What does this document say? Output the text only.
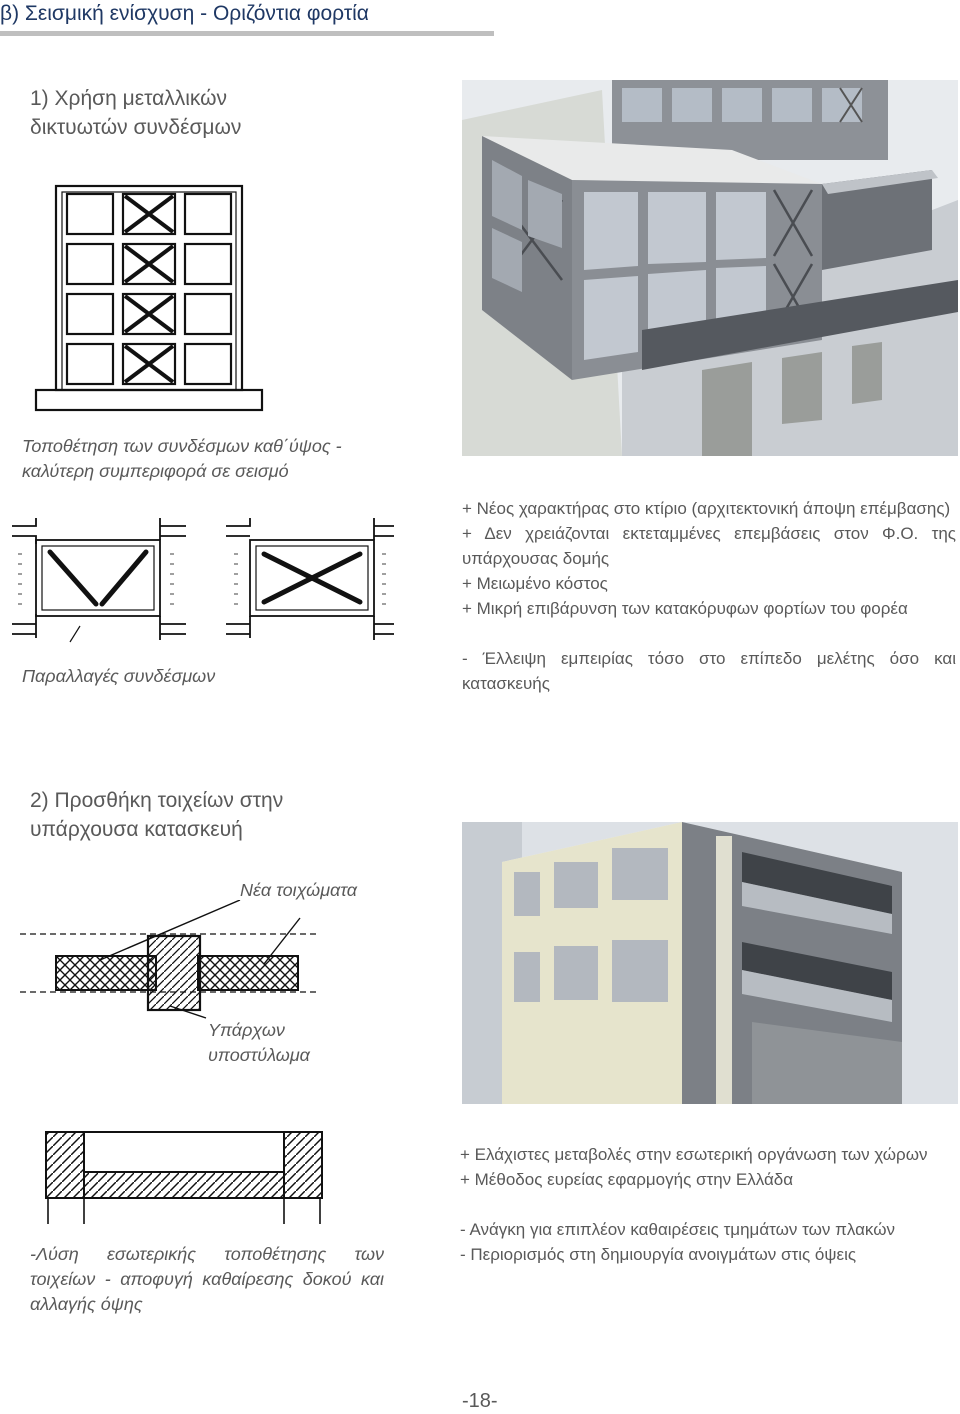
β) Σεισμική ενίσχυση - Οριζόντια φορτία
1) Χρήση μεταλλικών
δικτυωτών συνδέσμων
Τοποθέτηση των συνδέσμων καθ΄ύψος -
καλύτερη συμπεριφορά σε σεισμό
Παραλλαγές συνδέσμων

+ Νέος χαρακτήρας στο κτίριο (αρχιτεκτονική άποψη επέμβασης)

+ Δεν χρειάζονται εκτεταμμένες επεμβάσεις στον Φ.Ο. της υπάρχουσας δομής

+ Μειωμένο κόστος

+ Μικρή επιβάρυνση των κατακόρυφων φορτίων του φορέα

- Έλλειψη εμπειρίας τόσο στο επίπεδο μελέτης όσο και κατασκευής

2) Προσθήκη τοιχείων στην
υπάρχουσα κατασκευή
Νέα τοιχώματα
Υπάρχων
υποστύλωμα
-Λύση εσωτερικής τοποθέτησης των τοιχείων - αποφυγή καθαίρεσης δοκού και αλλαγής όψης

+ Ελάχιστες μεταβολές στην εσωτερική οργάνωση των χώρων

+ Μέθοδος ευρείας εφαρμογής στην Ελλάδα

- Ανάγκη για επιπλέον καθαιρέσεις τμημάτων των πλακών

- Περιορισμός στη δημιουργία ανοιγμάτων στις όψεις

-18-
